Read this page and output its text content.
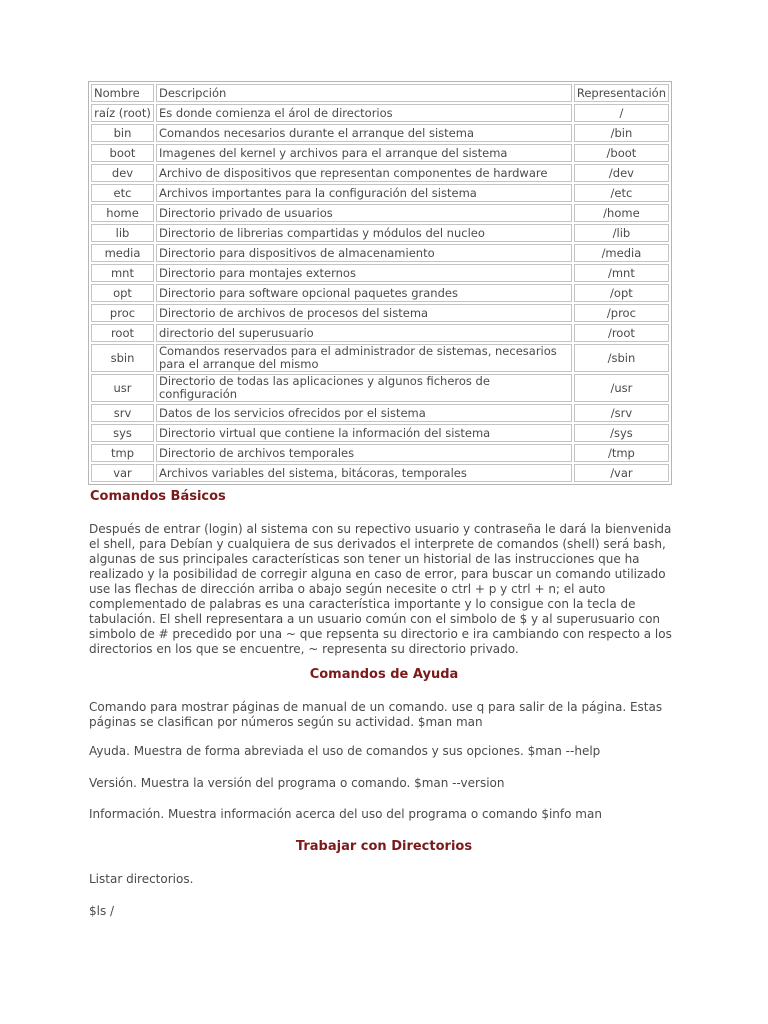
Nombre	Descripción	Representación
raíz (root)	Es donde comienza el árol de directorios	/
bin	Comandos necesarios durante el arranque del sistema	/bin
boot	Imagenes del kernel y archivos para el arranque del sistema	/boot
dev	Archivo de dispositivos que representan componentes de hardware	/dev
etc	Archivos importantes para la configuración del sistema	/etc
home	Directorio privado de usuarios	/home
lib	Directorio de librerias compartidas y módulos del nucleo	/lib
media	Directorio para dispositivos de almacenamiento	/media
mnt	Directorio para montajes externos	/mnt
opt	Directorio para software opcional paquetes grandes	/opt
proc	Directorio de archivos de procesos del sistema	/proc
root	directorio del superusuario	/root
sbin	Comandos reservados para el administrador de sistemas, necesarios para el arranque del mismo	/sbin
usr	Directorio de todas las aplicaciones y algunos ficheros de configuración	/usr
srv	Datos de los servicios ofrecidos por el sistema	/srv
sys	Directorio virtual que contiene la información del sistema	/sys
tmp	Directorio de archivos temporales	/tmp
var	Archivos variables del sistema, bitácoras, temporales	/var
Comandos Básicos

Después de entrar (login) al sistema con su repectivo usuario y contraseña le dará la bienvenida el shell, para Debían y cualquiera de sus derivados el interprete de comandos (shell) será bash, algunas de sus principales características son tener un historial de las instrucciones que ha realizado y la posibilidad de corregir alguna en caso de error, para buscar un comando utilizado use las flechas de dirección arriba o abajo según necesite o ctrl + p y ctrl + n; el auto complementado de palabras es una característica importante y lo consigue con la tecla de tabulación. El shell representara a un usuario común con el simbolo de $ y al superusuario con simbolo de # precedido por una ~ que repsenta su directorio e ira cambiando con respecto a los directorios en los que se encuentre, ~ representa su directorio privado.

Comandos de Ayuda

Comando para mostrar páginas de manual de un comando. use q para salir de la página. Estas páginas se clasifican por números según su actividad. $man man

Ayuda. Muestra de forma abreviada el uso de comandos y sus opciones. $man --help

Versión. Muestra la versión del programa o comando. $man --version

Información. Muestra información acerca del uso del programa o comando $info man

Trabajar con Directorios

Listar directorios.

$ls /
